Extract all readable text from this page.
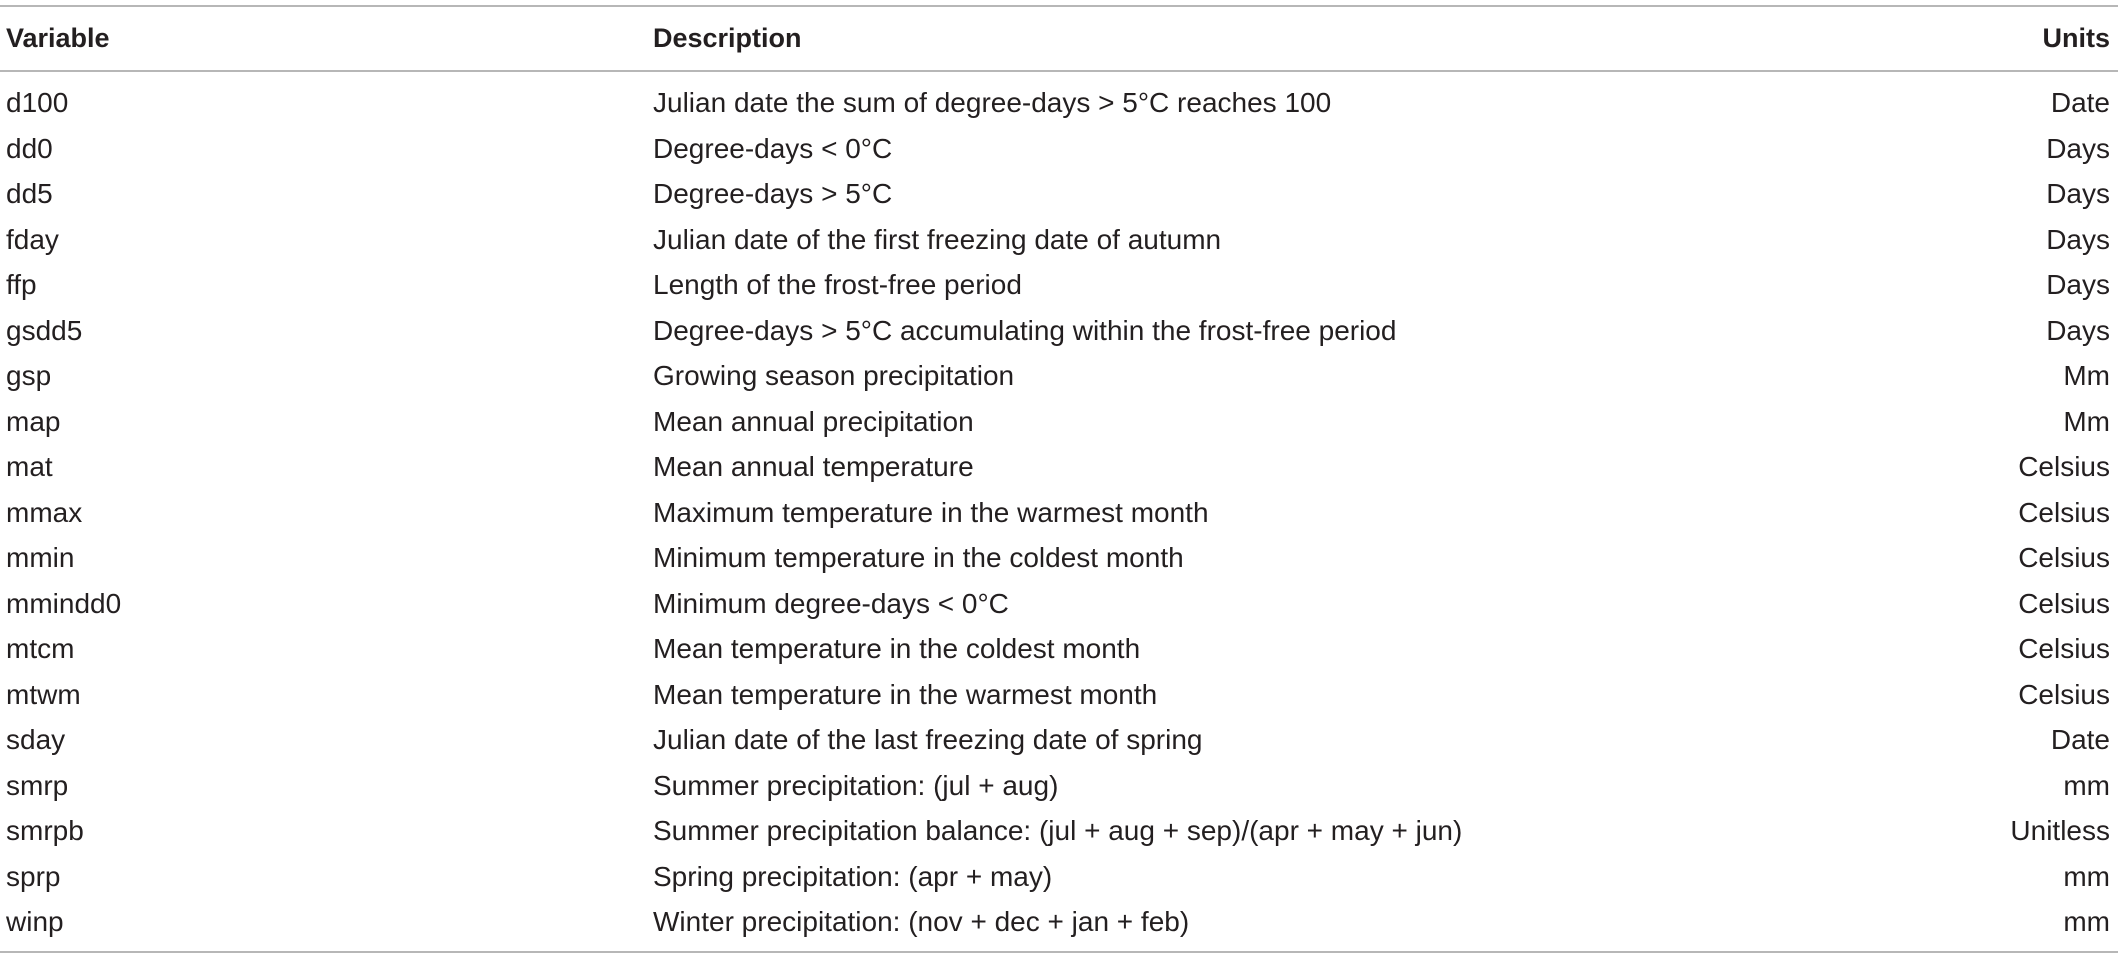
Variable	Description	Units
d100	Julian date the sum of degree-days > 5°C reaches 100	Date
dd0	Degree-days < 0°C	Days
dd5	Degree-days > 5°C	Days
fday	Julian date of the first freezing date of autumn	Days
ffp	Length of the frost-free period	Days
gsdd5	Degree-days > 5°C accumulating within the frost-free period	Days
gsp	Growing season precipitation	Mm
map	Mean annual precipitation	Mm
mat	Mean annual temperature	Celsius
mmax	Maximum temperature in the warmest month	Celsius
mmin	Minimum temperature in the coldest month	Celsius
mmindd0	Minimum degree-days < 0°C	Celsius
mtcm	Mean temperature in the coldest month	Celsius
mtwm	Mean temperature in the warmest month	Celsius
sday	Julian date of the last freezing date of spring	Date
smrp	Summer precipitation: (jul + aug)	mm
smrpb	Summer precipitation balance: (jul + aug + sep)/(apr + may + jun)	Unitless
sprp	Spring precipitation: (apr + may)	mm
winp	Winter precipitation: (nov + dec + jan + feb)	mm
